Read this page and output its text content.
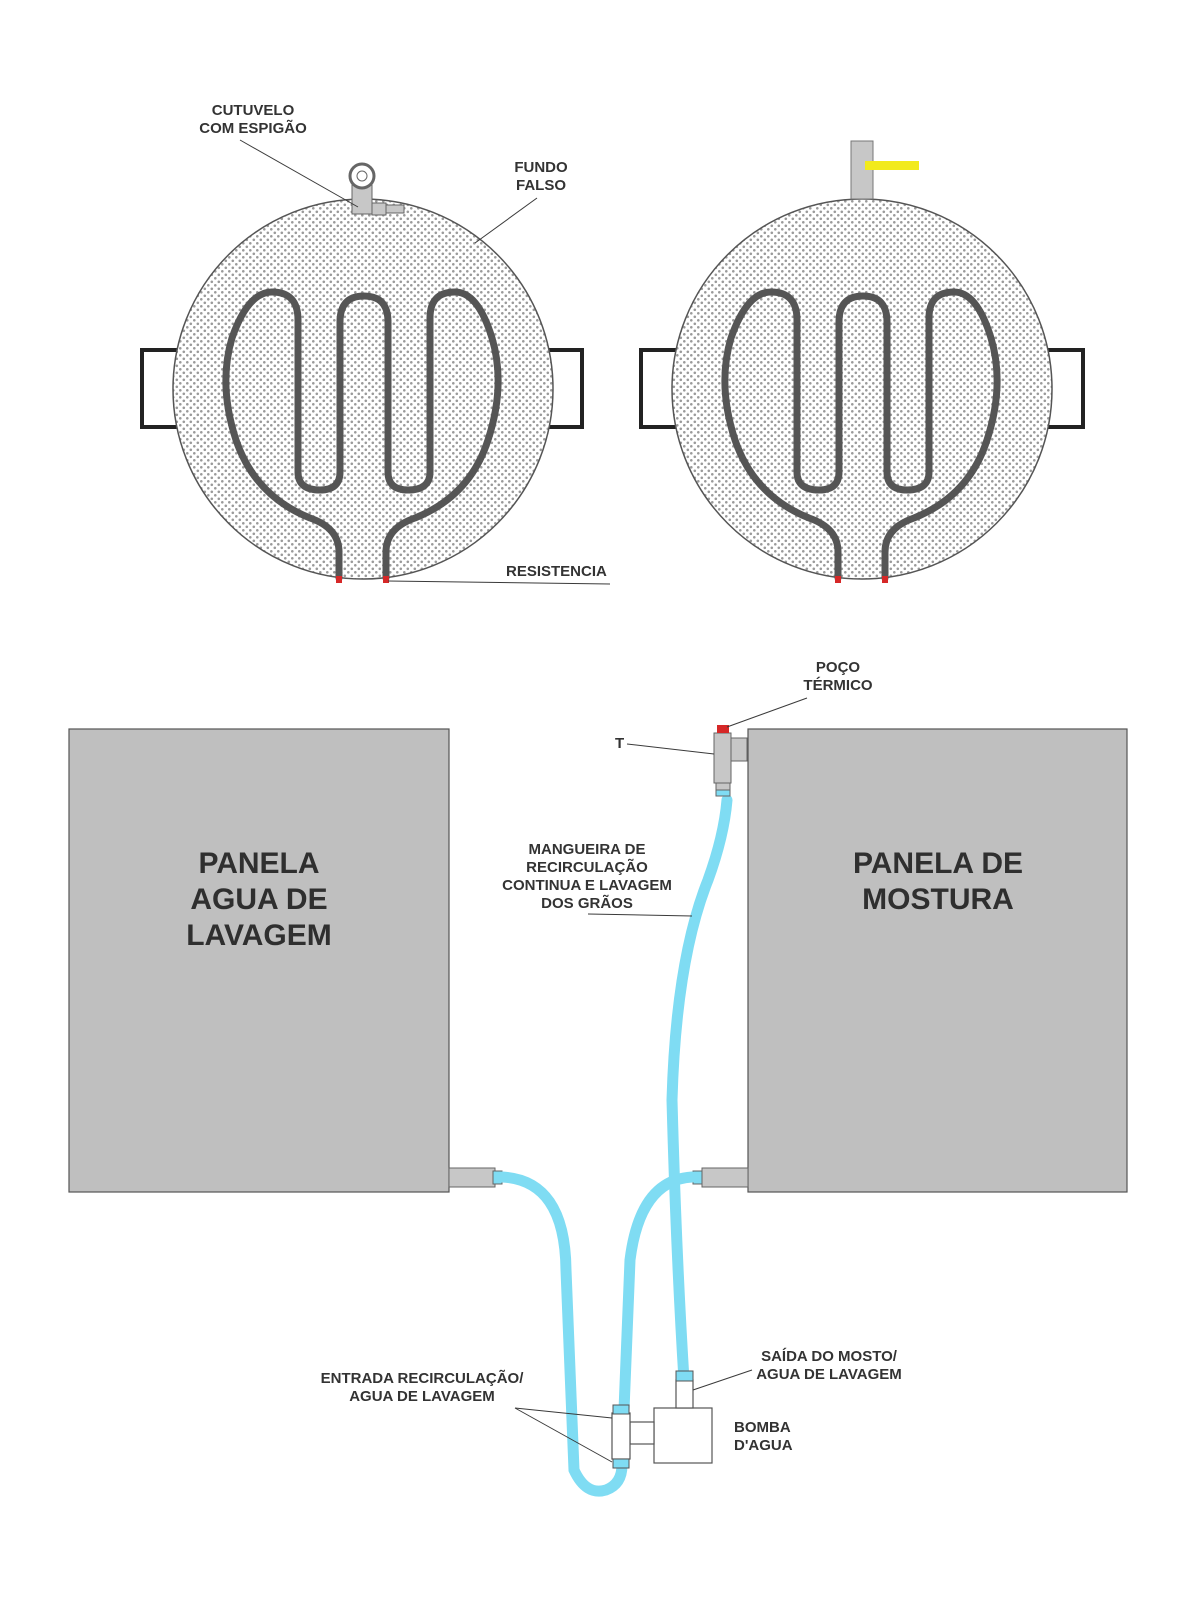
CUTUVELO
COM ESPIGÃO
FUNDO
FALSO
RESISTENCIA
PANELA
AGUA DE
LAVAGEM
PANELA DE
MOSTURA
POÇO
TÉRMICO
T
MANGUEIRA DE
RECIRCULAÇÃO
CONTINUA E LAVAGEM
DOS GRÃOS
ENTRADA RECIRCULAÇÃO/
AGUA DE LAVAGEM
SAÍDA DO MOSTO/
AGUA DE LAVAGEM
BOMBA
D'AGUA
